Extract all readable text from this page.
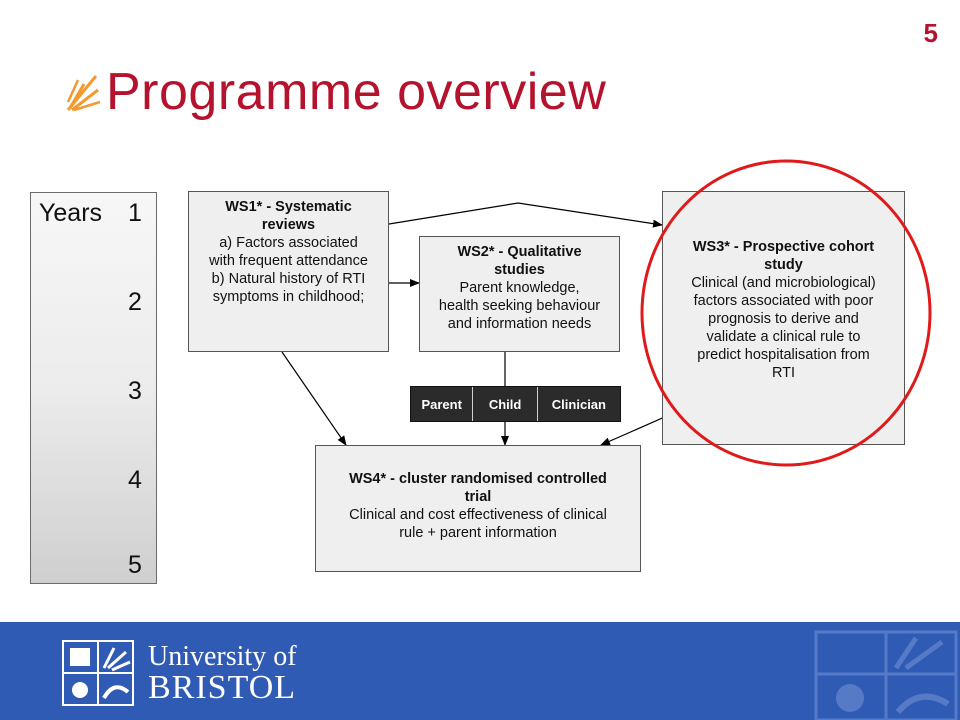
5
Programme overview
Years 1
2
3
4
5
WS1* - Systematic
reviews
a) Factors associated
with frequent attendance
b) Natural history of RTI
symptoms in childhood;
WS2* - Qualitative
studies
Parent knowledge,
health seeking behaviour
and information needs
WS3* - Prospective cohort
study
Clinical (and microbiological)
factors associated with poor
prognosis to derive and
validate a clinical rule to
predict hospitalisation from
RTI
WS4* - cluster randomised controlled
trial
Clinical and cost effectiveness of clinical
rule + parent information
Parent	Child	Clinician
University of
BRISTOL
